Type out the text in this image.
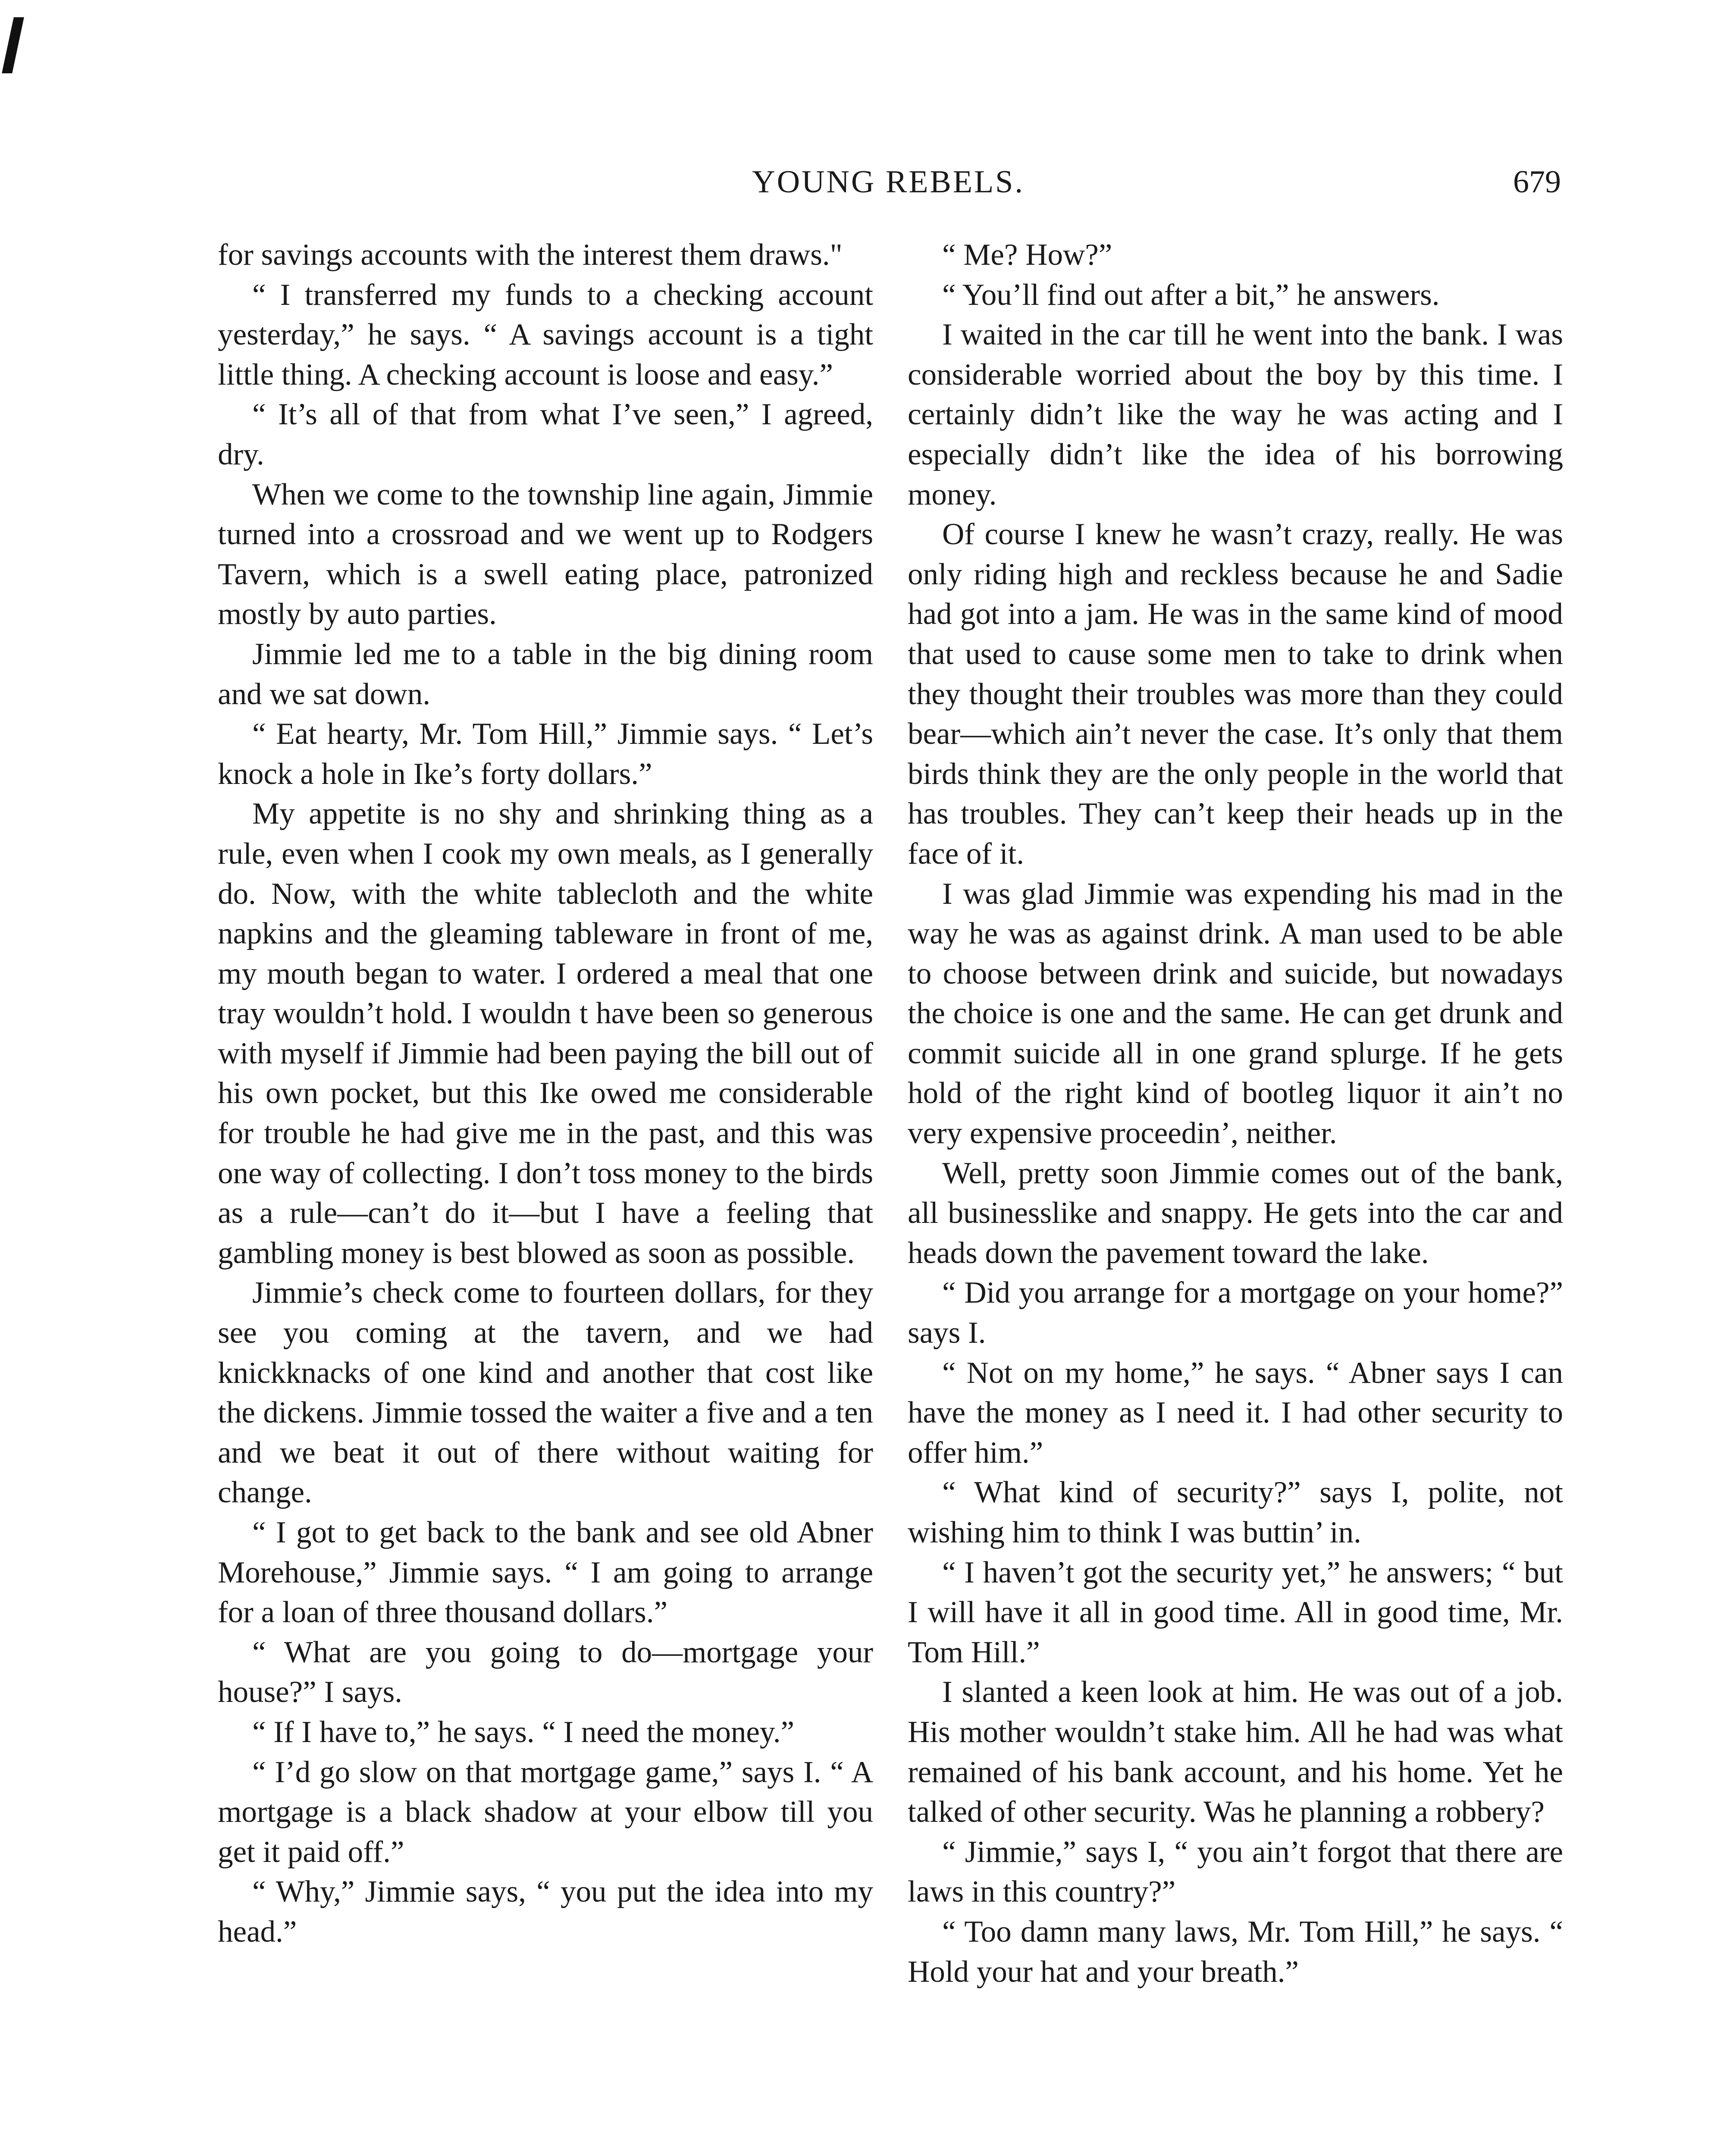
YOUNG REBELS.	679

for savings accounts with the interest them draws."

“ I transferred my funds to a checking account yesterday,” he says. “ A savings account is a tight little thing. A checking account is loose and easy.”

“ It’s all of that from what I’ve seen,” I agreed, dry.

When we come to the township line again, Jimmie turned into a crossroad and we went up to Rodgers Tavern, which is a swell eating place, patronized mostly by auto parties.

Jimmie led me to a table in the big dining room and we sat down.

“ Eat hearty, Mr. Tom Hill,” Jimmie says. “ Let’s knock a hole in Ike’s forty dollars.”

My appetite is no shy and shrinking thing as a rule, even when I cook my own meals, as I generally do. Now, with the white tablecloth and the white napkins and the gleaming tableware in front of me, my mouth began to water. I ordered a meal that one tray wouldn’t hold. I wouldn t have been so generous with myself if Jimmie had been paying the bill out of his own pocket, but this Ike owed me considerable for trouble he had give me in the past, and this was one way of collecting. I don’t toss money to the birds as a rule—can’t do it—but I have a feeling that gambling money is best blowed as soon as possible.

Jimmie’s check come to fourteen dollars, for they see you coming at the tavern, and we had knickknacks of one kind and another that cost like the dickens. Jimmie tossed the waiter a five and a ten and we beat it out of there without waiting for change.

“ I got to get back to the bank and see old Abner Morehouse,” Jimmie says. “ I am going to arrange for a loan of three thousand dollars.”

“ What are you going to do—mortgage your house?” I says.

“ If I have to,” he says. “ I need the money.”

“ I’d go slow on that mortgage game,” says I. “ A mortgage is a black shadow at your elbow till you get it paid off.”

“ Why,” Jimmie says, “ you put the idea into my head.”

“ Me? How?”

“ You’ll find out after a bit,” he answers.

I waited in the car till he went into the bank. I was considerable worried about the boy by this time. I certainly didn’t like the way he was acting and I especially didn’t like the idea of his borrowing money.

Of course I knew he wasn’t crazy, really. He was only riding high and reckless because he and Sadie had got into a jam. He was in the same kind of mood that used to cause some men to take to drink when they thought their troubles was more than they could bear—which ain’t never the case. It’s only that them birds think they are the only people in the world that has troubles. They can’t keep their heads up in the face of it.

I was glad Jimmie was expending his mad in the way he was as against drink. A man used to be able to choose between drink and suicide, but nowadays the choice is one and the same. He can get drunk and commit suicide all in one grand splurge. If he gets hold of the right kind of bootleg liquor it ain’t no very expensive proceedin’, neither.

Well, pretty soon Jimmie comes out of the bank, all businesslike and snappy. He gets into the car and heads down the pavement toward the lake.

“ Did you arrange for a mortgage on your home?” says I.

“ Not on my home,” he says. “ Abner says I can have the money as I need it. I had other security to offer him.”

“ What kind of security?” says I, polite, not wishing him to think I was buttin’ in.

“ I haven’t got the security yet,” he answers; “ but I will have it all in good time. All in good time, Mr. Tom Hill.”

I slanted a keen look at him. He was out of a job. His mother wouldn’t stake him. All he had was what remained of his bank account, and his home. Yet he talked of other security. Was he planning a robbery?

“ Jimmie,” says I, “ you ain’t forgot that there are laws in this country?”

“ Too damn many laws, Mr. Tom Hill,” he says. “ Hold your hat and your breath.”
